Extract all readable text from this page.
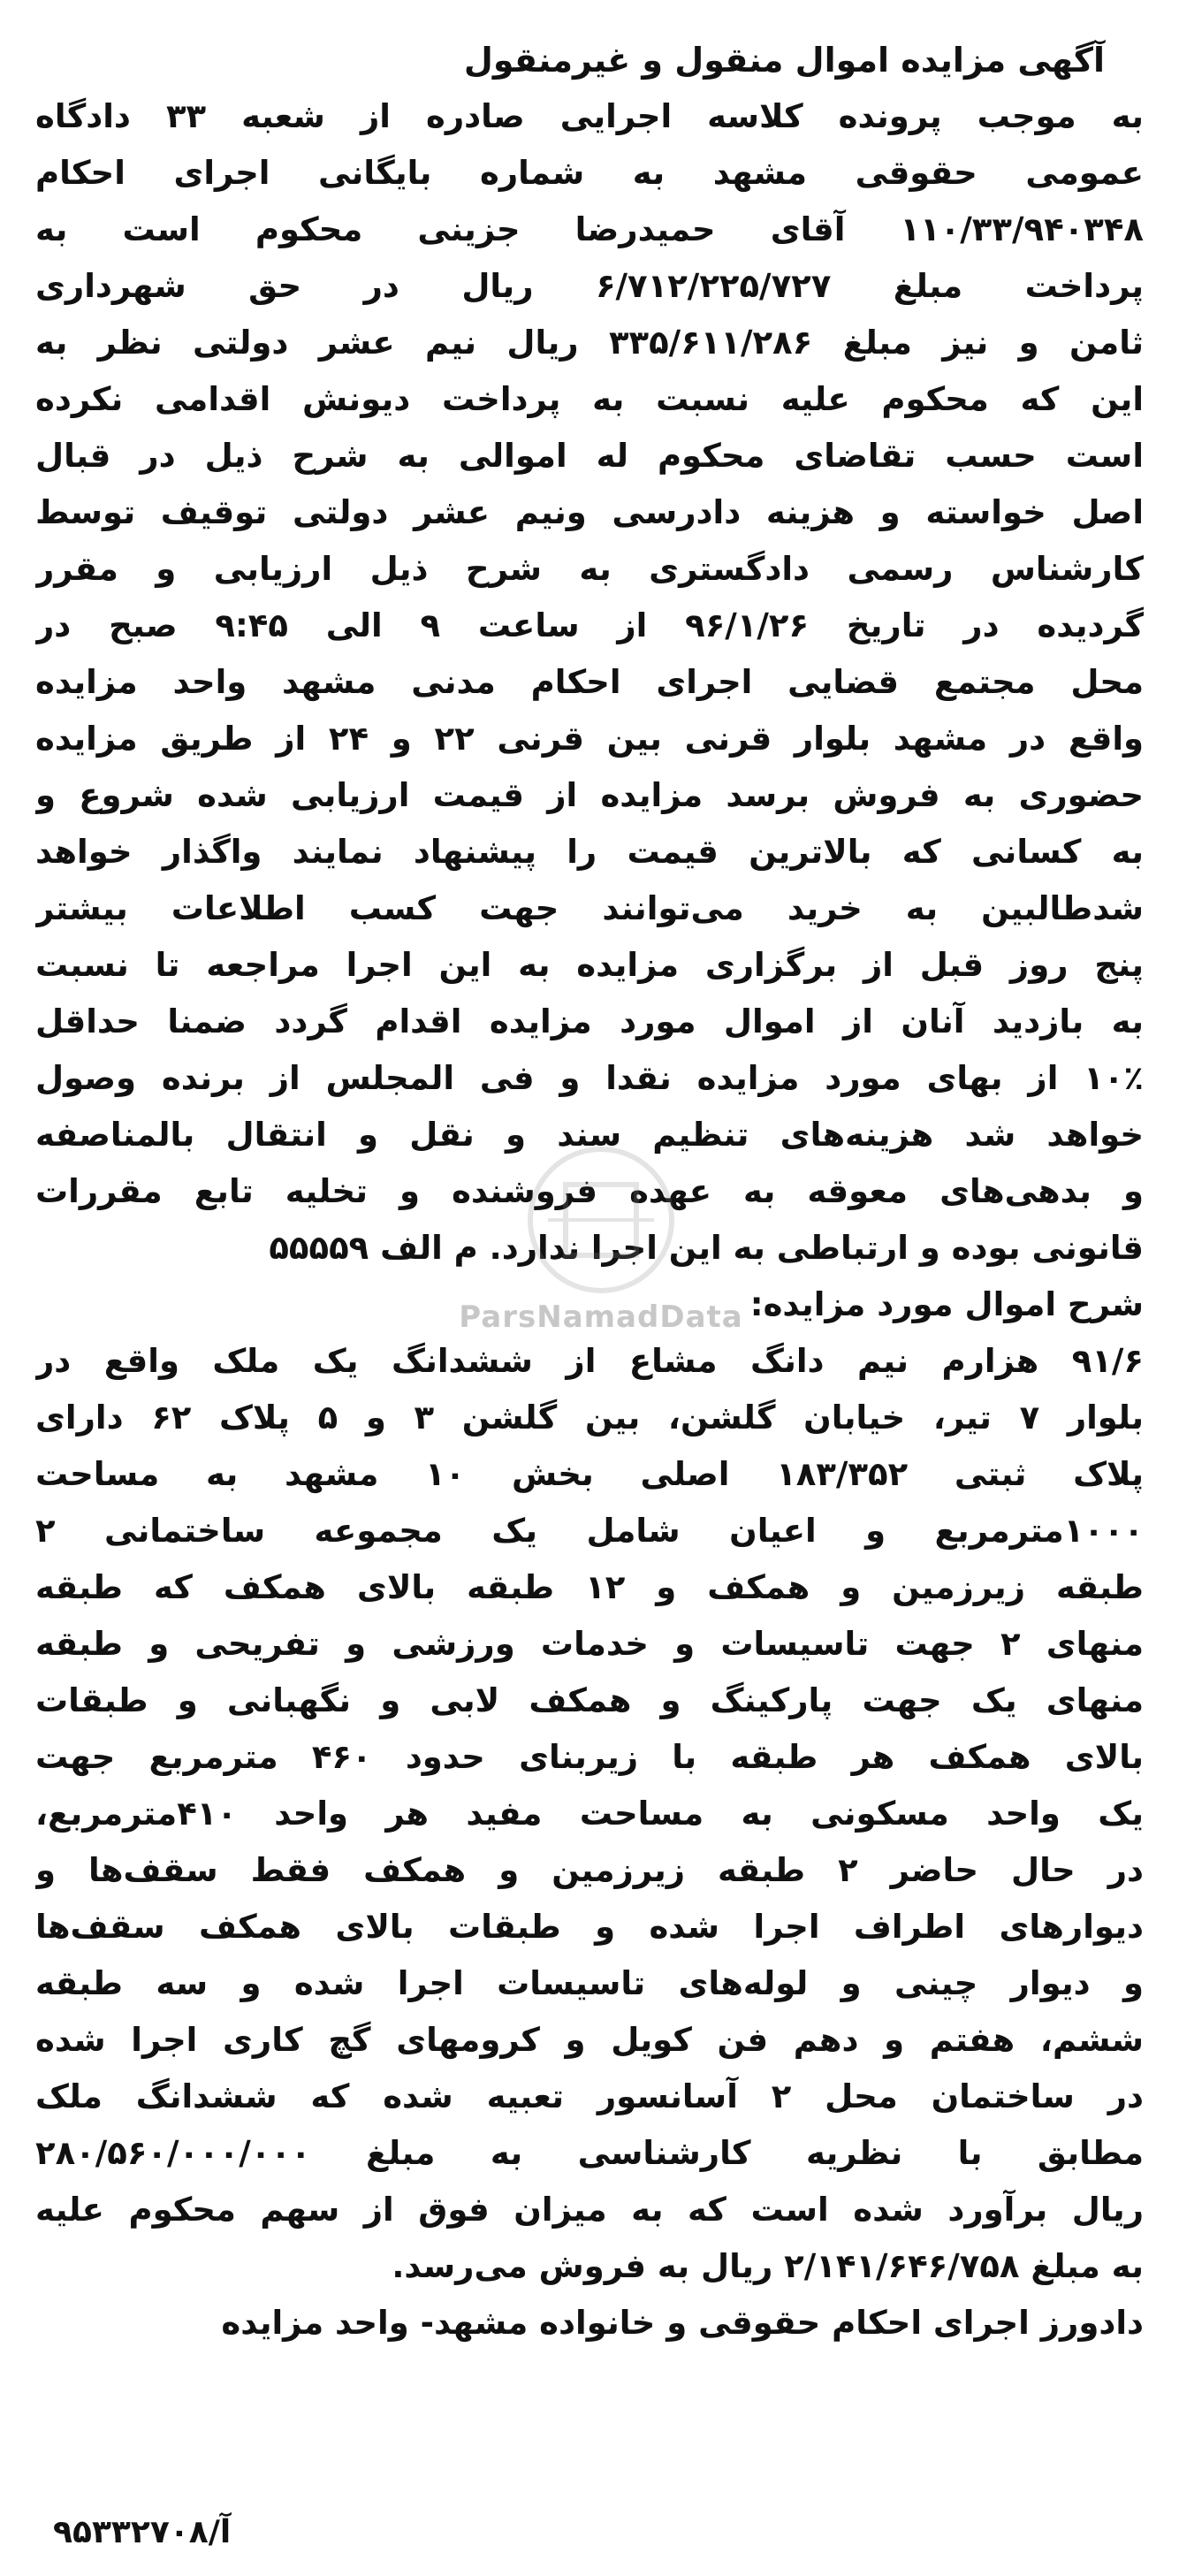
آگهی مزایده اموال منقول و غیرمنقول
به موجب پرونده کلاسه اجرایی صادره از شعبه ۳۳ دادگاه
عمومی حقوقی مشهد به شماره بایگانی اجرای احکام
۱۱۰/۳۳/۹۴۰۳۴۸ آقای حمیدرضا جزینی محکوم است به
پرداخت مبلغ ۶/۷۱۲/۲۲۵/۷۲۷ ریال در حق شهرداری
ثامن و نیز مبلغ ۳۳۵/۶۱۱/۲۸۶ ریال نیم عشر دولتی نظر به
این که محکوم علیه نسبت به پرداخت دیونش اقدامی نکرده
است حسب تقاضای محکوم له اموالی به شرح ذیل در قبال
اصل خواسته و هزینه دادرسی ونیم عشر دولتی توقیف توسط
کارشناس رسمی دادگستری به شرح ذیل ارزیابی و مقرر
گردیده در تاریخ ۹۶/۱/۲۶ از ساعت ۹ الی ۹:۴۵ صبح در
محل مجتمع قضایی اجرای احکام مدنی مشهد واحد مزایده
واقع در مشهد بلوار قرنی بین قرنی ۲۲ و ۲۴ از طریق مزایده
حضوری به فروش برسد مزایده از قیمت ارزیابی شده شروع و
به کسانی که بالاترین قیمت را پیشنهاد نمایند واگذار خواهد
شدطالبین به خرید می‌توانند جهت کسب اطلاعات بیشتر
پنج روز قبل از برگزاری مزایده به این اجرا مراجعه تا نسبت
به بازدید آنان از اموال مورد مزایده اقدام گردد ضمنا حداقل
۱۰٪ از بهای مورد مزایده نقدا و فی المجلس از برنده وصول
خواهد شد هزینه‌های تنظیم سند و نقل و انتقال بالمناصفه
و بدهی‌های معوقه به عهده فروشنده و تخلیه تابع مقررات
قانونی بوده و ارتباطی به این اجرا ندارد. م الف ۵۵۵۵۹
شرح اموال مورد مزایده:
۹۱/۶ هزارم نیم دانگ مشاع از ششدانگ یک ملک واقع در
بلوار ۷ تیر، خیابان گلشن، بین گلشن ۳ و ۵ پلاک ۶۲ دارای
پلاک ثبتی ۱۸۳/۳۵۲ اصلی بخش ۱۰ مشهد به مساحت
۱۰۰۰مترمربع و اعیان شامل یک مجموعه ساختمانی ۲
طبقه زیرزمین و همکف و ۱۲ طبقه بالای همکف که طبقه
منهای ۲ جهت تاسیسات و خدمات ورزشی و تفریحی و طبقه
منهای یک جهت پارکینگ و همکف لابی و نگهبانی و طبقات
بالای همکف هر طبقه با زیربنای حدود ۴۶۰ مترمربع جهت
یک واحد مسکونی به مساحت مفید هر واحد ۴۱۰مترمربع،
در حال حاضر ۲ طبقه زیرزمین و همکف فقط سقف‌ها و
دیوارهای اطراف اجرا شده و طبقات بالای همکف سقف‌ها
و دیوار چینی و لوله‌های تاسیسات اجرا شده و سه طبقه
ششم، هفتم و دهم فن کویل و کرومهای گچ کاری اجرا شده
در ساختمان محل ۲ آسانسور تعبیه شده که ششدانگ ملک
مطابق با نظریه کارشناسی به مبلغ ۲۸۰/۵۶۰/۰۰۰/۰۰۰
ریال برآورد شده است که به میزان فوق از سهم محکوم علیه
به مبلغ ۲/۱۴۱/۶۴۶/۷۵۸ ریال به فروش می‌رسد.
دادورز اجرای احکام حقوقی و خانواده مشهد- واحد مزایده
ParsNamadData
آ/۹۵۳۳۲۷۰۸
